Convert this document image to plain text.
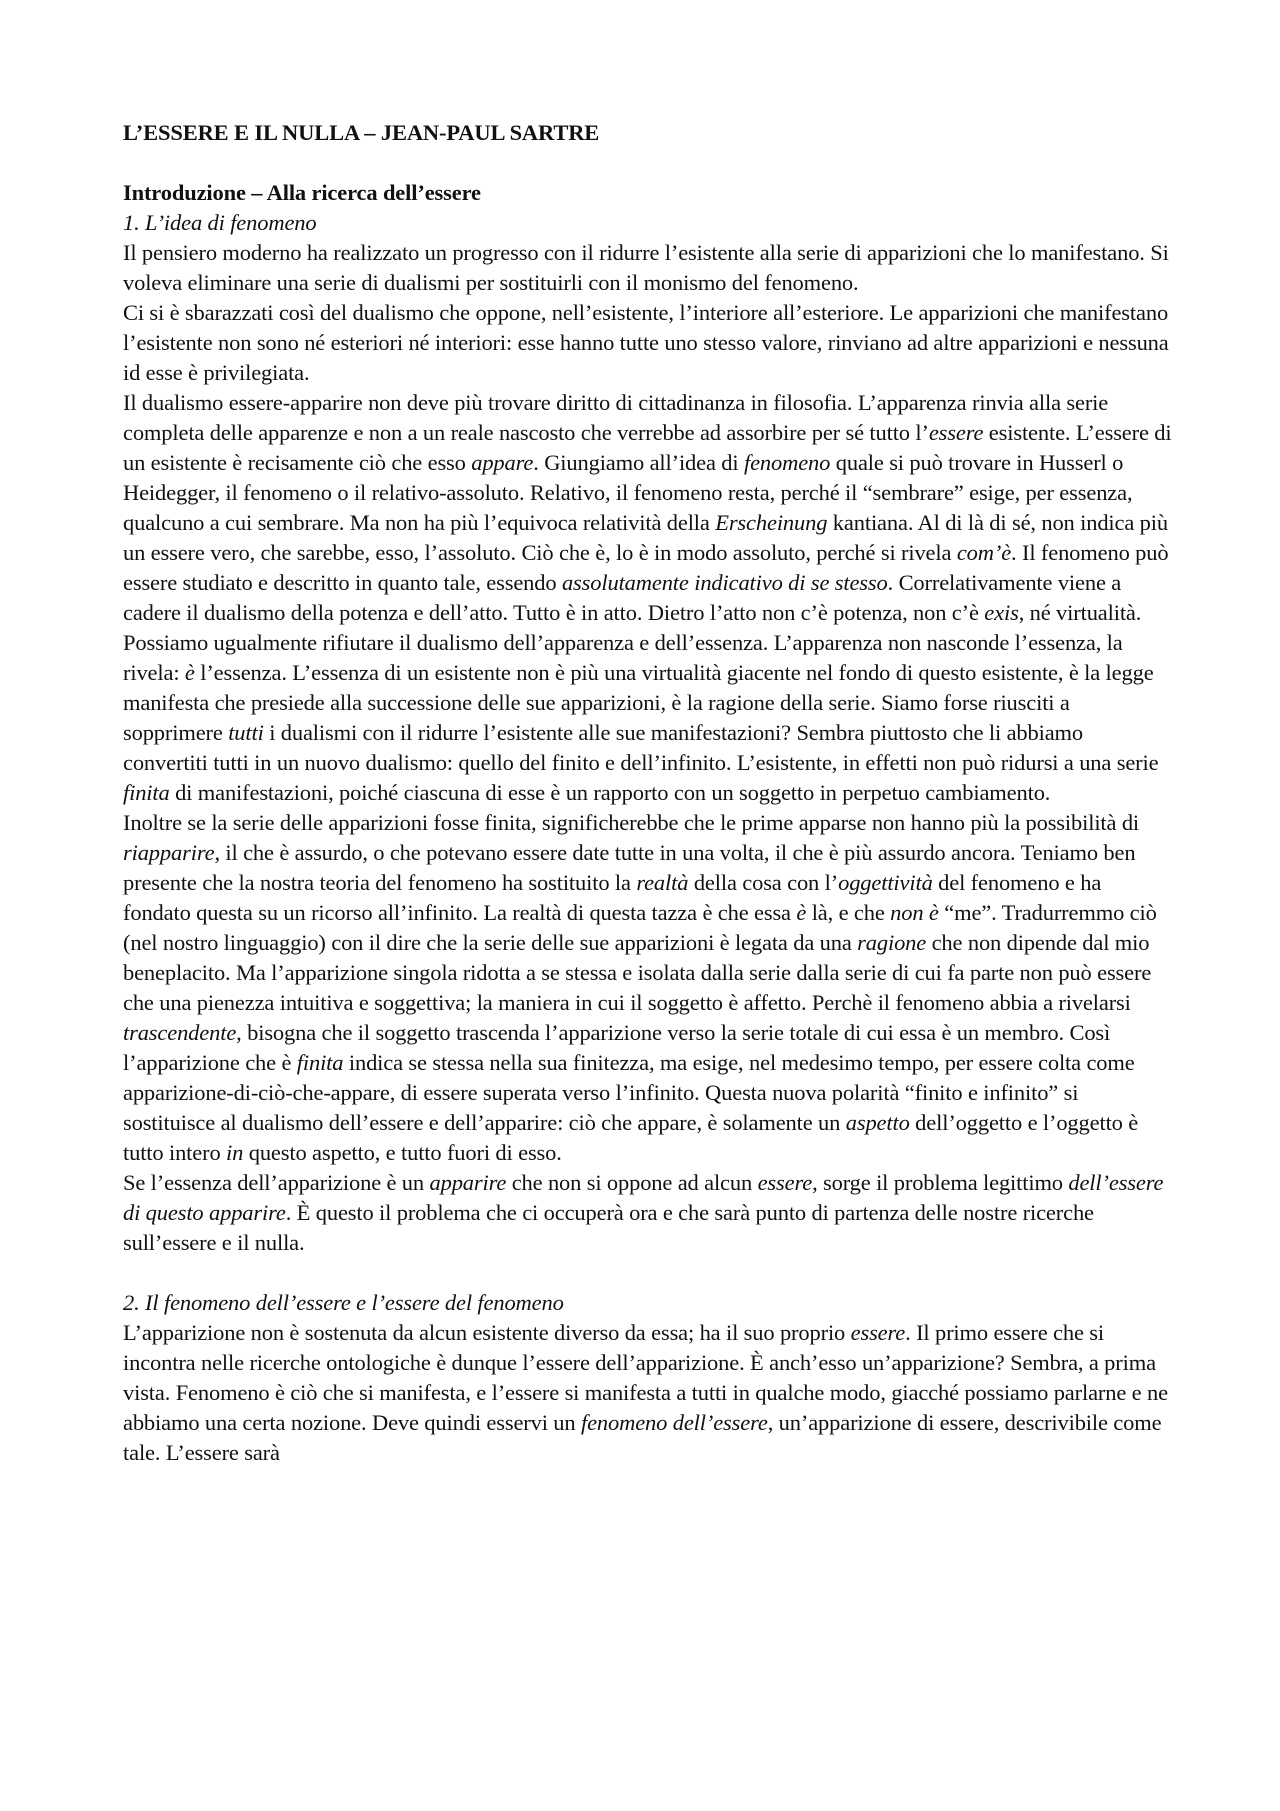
L’ESSERE E IL NULLA – JEAN-PAUL SARTRE
Introduzione – Alla ricerca dell’essere
1. L’idea di fenomeno

Il pensiero moderno ha realizzato un progresso con il ridurre l’esistente alla serie di apparizioni che lo manifestano. Si voleva eliminare una serie di dualismi per sostituirli con il monismo del fenomeno.

Ci si è sbarazzati così del dualismo che oppone, nell’esistente, l’interiore all’esteriore. Le apparizioni che manifestano l’esistente non sono né esteriori né interiori: esse hanno tutte uno stesso valore, rinviano ad altre apparizioni e nessuna id esse è privilegiata.

Il dualismo essere-apparire non deve più trovare diritto di cittadinanza in filosofia. L’apparenza rinvia alla serie completa delle apparenze e non a un reale nascosto che verrebbe ad assorbire per sé tutto l’essere esistente. L’essere di un esistente è recisamente ciò che esso appare. Giungiamo all’idea di fenomeno quale si può trovare in Husserl o Heidegger, il fenomeno o il relativo-assoluto. Relativo, il fenomeno resta, perché il “sembrare” esige, per essenza, qualcuno a cui sembrare. Ma non ha più l’equivoca relatività della Erscheinung kantiana. Al di là di sé, non indica più un essere vero, che sarebbe, esso, l’assoluto. Ciò che è, lo è in modo assoluto, perché si rivela com’è. Il fenomeno può essere studiato e descritto in quanto tale, essendo assolutamente indicativo di se stesso. Correlativamente viene a cadere il dualismo della potenza e dell’atto. Tutto è in atto. Dietro l’atto non c’è potenza, non c’è exis, né virtualità. Possiamo ugualmente rifiutare il dualismo dell’apparenza e dell’essenza. L’apparenza non nasconde l’essenza, la rivela: è l’essenza. L’essenza di un esistente non è più una virtualità giacente nel fondo di questo esistente, è la legge manifesta che presiede alla successione delle sue apparizioni, è la ragione della serie. Siamo forse riusciti a sopprimere tutti i dualismi con il ridurre l’esistente alle sue manifestazioni? Sembra piuttosto che li abbiamo convertiti tutti in un nuovo dualismo: quello del finito e dell’infinito. L’esistente, in effetti non può ridursi a una serie finita di manifestazioni, poiché ciascuna di esse è un rapporto con un soggetto in perpetuo cambiamento.

Inoltre se la serie delle apparizioni fosse finita, significherebbe che le prime apparse non hanno più la possibilità di riapparire, il che è assurdo, o che potevano essere date tutte in una volta, il che è più assurdo ancora. Teniamo ben presente che la nostra teoria del fenomeno ha sostituito la realtà della cosa con l’oggettività del fenomeno e ha fondato questa su un ricorso all’infinito. La realtà di questa tazza è che essa è là, e che non è “me”. Tradurremmo ciò (nel nostro linguaggio) con il dire che la serie delle sue apparizioni è legata da una ragione che non dipende dal mio beneplacito. Ma l’apparizione singola ridotta a se stessa e isolata dalla serie dalla serie di cui fa parte non può essere che una pienezza intuitiva e soggettiva; la maniera in cui il soggetto è affetto. Perchè il fenomeno abbia a rivelarsi trascendente, bisogna che il soggetto trascenda l’apparizione verso la serie totale di cui essa è un membro. Così l’apparizione che è finita indica se stessa nella sua finitezza, ma esige, nel medesimo tempo, per essere colta come apparizione-di-ciò-che-appare, di essere superata verso l’infinito. Questa nuova polarità “finito e infinito” si sostituisce al dualismo dell’essere e dell’apparire: ciò che appare, è solamente un aspetto dell’oggetto e l’oggetto è tutto intero in questo aspetto, e tutto fuori di esso.

Se l’essenza dell’apparizione è un apparire che non si oppone ad alcun essere, sorge il problema legittimo dell’essere di questo apparire. È questo il problema che ci occuperà ora e che sarà punto di partenza delle nostre ricerche sull’essere e il nulla.

2. Il fenomeno dell’essere e l’essere del fenomeno

L’apparizione non è sostenuta da alcun esistente diverso da essa; ha il suo proprio essere. Il primo essere che si incontra nelle ricerche ontologiche è dunque l’essere dell’apparizione. È anch’esso un’apparizione? Sembra, a prima vista. Fenomeno è ciò che si manifesta, e l’essere si manifesta a tutti in qualche modo, giacché possiamo parlarne e ne abbiamo una certa nozione. Deve quindi esservi un fenomeno dell’essere, un’apparizione di essere, descrivibile come tale. L’essere sarà
